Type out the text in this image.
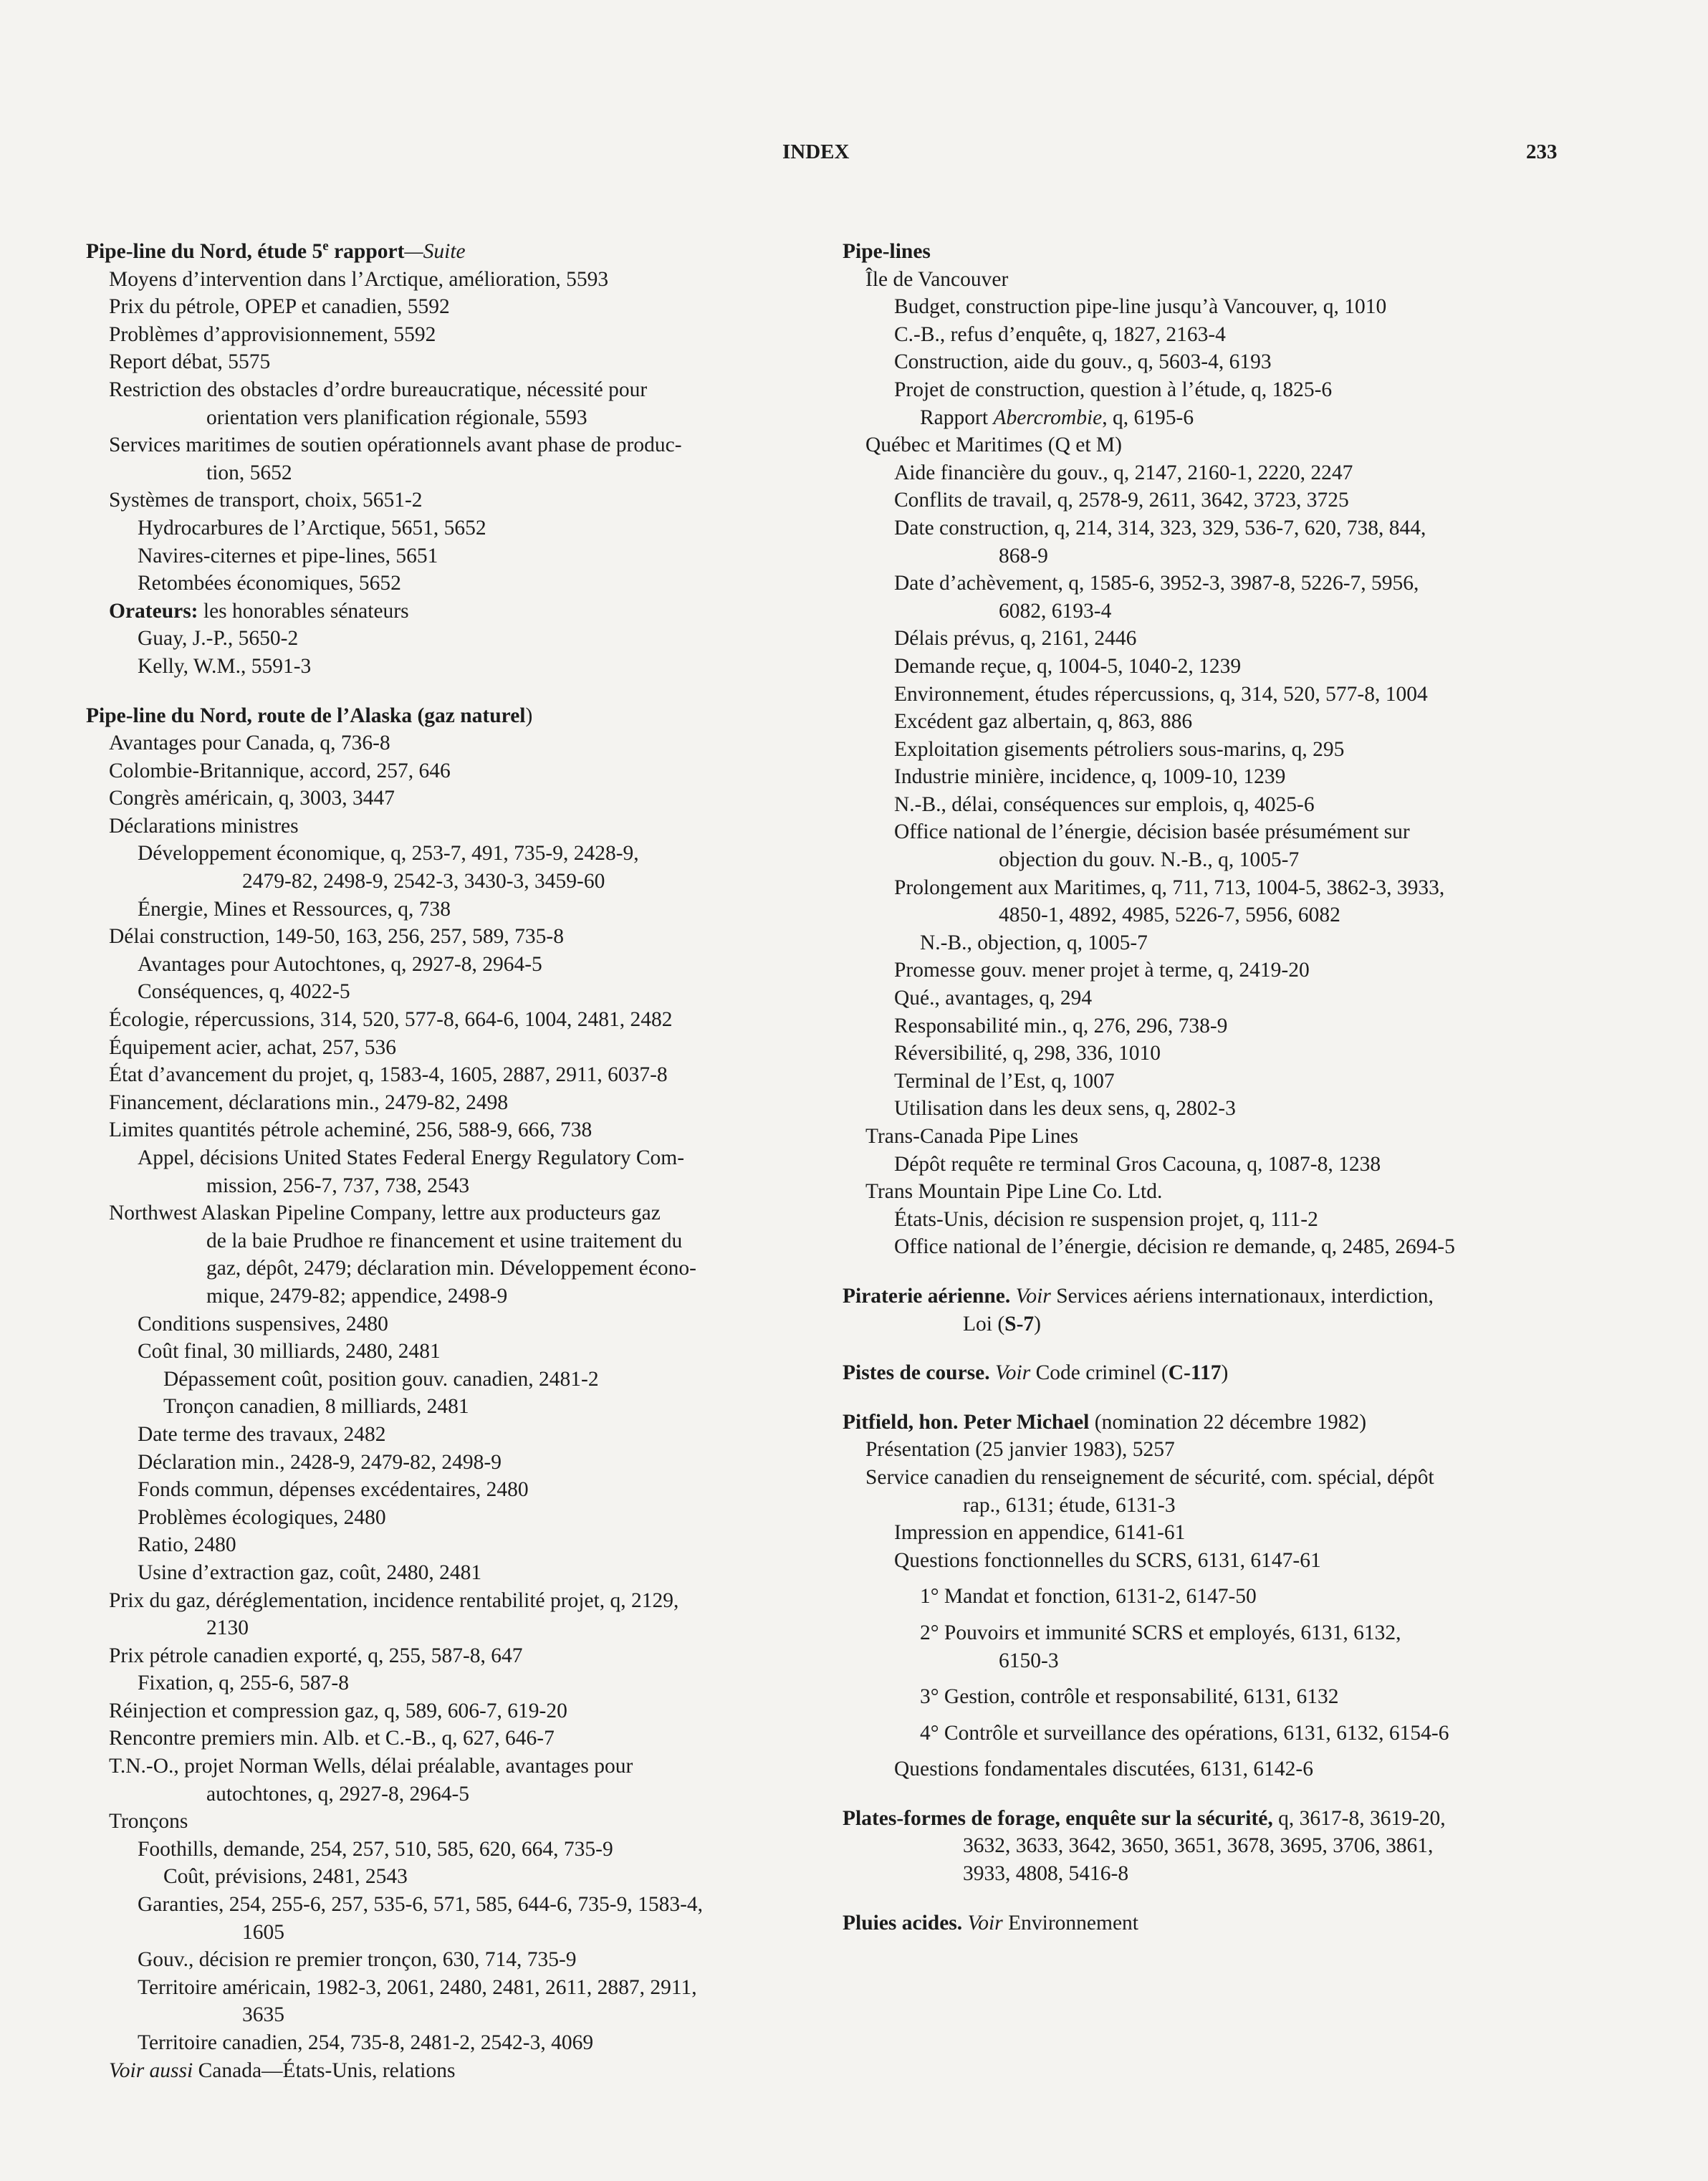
INDEX	233
Pipe-line du Nord, étude 5e rapport—Suite
Moyens d’intervention dans l’Arctique, amélioration, 5593
Prix du pétrole, OPEP et canadien, 5592
Problèmes d’approvisionnement, 5592
Report débat, 5575
Restriction des obstacles d’ordre bureaucratique, nécessité pour
orientation vers planification régionale, 5593
Services maritimes de soutien opérationnels avant phase de produc-
tion, 5652
Systèmes de transport, choix, 5651-2
Hydrocarbures de l’Arctique, 5651, 5652
Navires-citernes et pipe-lines, 5651
Retombées économiques, 5652
Orateurs: les honorables sénateurs
Guay, J.-P., 5650-2
Kelly, W.M., 5591-3
Pipe-line du Nord, route de l’Alaska (gaz naturel)
Avantages pour Canada, q, 736-8
Colombie-Britannique, accord, 257, 646
Congrès américain, q, 3003, 3447
Déclarations ministres
Développement économique, q, 253-7, 491, 735-9, 2428-9,
2479-82, 2498-9, 2542-3, 3430-3, 3459-60
Énergie, Mines et Ressources, q, 738
Délai construction, 149-50, 163, 256, 257, 589, 735-8
Avantages pour Autochtones, q, 2927-8, 2964-5
Conséquences, q, 4022-5
Écologie, répercussions, 314, 520, 577-8, 664-6, 1004, 2481, 2482
Équipement acier, achat, 257, 536
État d’avancement du projet, q, 1583-4, 1605, 2887, 2911, 6037-8
Financement, déclarations min., 2479-82, 2498
Limites quantités pétrole acheminé, 256, 588-9, 666, 738
Appel, décisions United States Federal Energy Regulatory Com-
mission, 256-7, 737, 738, 2543
Northwest Alaskan Pipeline Company, lettre aux producteurs gaz
de la baie Prudhoe re financement et usine traitement du
gaz, dépôt, 2479; déclaration min. Développement écono-
mique, 2479-82; appendice, 2498-9
Conditions suspensives, 2480
Coût final, 30 milliards, 2480, 2481
Dépassement coût, position gouv. canadien, 2481-2
Tronçon canadien, 8 milliards, 2481
Date terme des travaux, 2482
Déclaration min., 2428-9, 2479-82, 2498-9
Fonds commun, dépenses excédentaires, 2480
Problèmes écologiques, 2480
Ratio, 2480
Usine d’extraction gaz, coût, 2480, 2481
Prix du gaz, déréglementation, incidence rentabilité projet, q, 2129,
2130
Prix pétrole canadien exporté, q, 255, 587-8, 647
Fixation, q, 255-6, 587-8
Réinjection et compression gaz, q, 589, 606-7, 619-20
Rencontre premiers min. Alb. et C.-B., q, 627, 646-7
T.N.-O., projet Norman Wells, délai préalable, avantages pour
autochtones, q, 2927-8, 2964-5
Tronçons
Foothills, demande, 254, 257, 510, 585, 620, 664, 735-9
Coût, prévisions, 2481, 2543
Garanties, 254, 255-6, 257, 535-6, 571, 585, 644-6, 735-9, 1583-4,
1605
Gouv., décision re premier tronçon, 630, 714, 735-9
Territoire américain, 1982-3, 2061, 2480, 2481, 2611, 2887, 2911,
3635
Territoire canadien, 254, 735-8, 2481-2, 2542-3, 4069
Voir aussi Canada—États-Unis, relations
Pipe-lines
Île de Vancouver
Budget, construction pipe-line jusqu’à Vancouver, q, 1010
C.-B., refus d’enquête, q, 1827, 2163-4
Construction, aide du gouv., q, 5603-4, 6193
Projet de construction, question à l’étude, q, 1825-6
Rapport Abercrombie, q, 6195-6
Québec et Maritimes (Q et M)
Aide financière du gouv., q, 2147, 2160-1, 2220, 2247
Conflits de travail, q, 2578-9, 2611, 3642, 3723, 3725
Date construction, q, 214, 314, 323, 329, 536-7, 620, 738, 844,
868-9
Date d’achèvement, q, 1585-6, 3952-3, 3987-8, 5226-7, 5956,
6082, 6193-4
Délais prévus, q, 2161, 2446
Demande reçue, q, 1004-5, 1040-2, 1239
Environnement, études répercussions, q, 314, 520, 577-8, 1004
Excédent gaz albertain, q, 863, 886
Exploitation gisements pétroliers sous-marins, q, 295
Industrie minière, incidence, q, 1009-10, 1239
N.-B., délai, conséquences sur emplois, q, 4025-6
Office national de l’énergie, décision basée présumément sur
objection du gouv. N.-B., q, 1005-7
Prolongement aux Maritimes, q, 711, 713, 1004-5, 3862-3, 3933,
4850-1, 4892, 4985, 5226-7, 5956, 6082
N.-B., objection, q, 1005-7
Promesse gouv. mener projet à terme, q, 2419-20
Qué., avantages, q, 294
Responsabilité min., q, 276, 296, 738-9
Réversibilité, q, 298, 336, 1010
Terminal de l’Est, q, 1007
Utilisation dans les deux sens, q, 2802-3
Trans-Canada Pipe Lines
Dépôt requête re terminal Gros Cacouna, q, 1087-8, 1238
Trans Mountain Pipe Line Co. Ltd.
États-Unis, décision re suspension projet, q, 111-2
Office national de l’énergie, décision re demande, q, 2485, 2694-5
Piraterie aérienne. Voir Services aériens internationaux, interdiction,
Loi (S-7)
Pistes de course. Voir Code criminel (C-117)
Pitfield, hon. Peter Michael (nomination 22 décembre 1982)
Présentation (25 janvier 1983), 5257
Service canadien du renseignement de sécurité, com. spécial, dépôt
rap., 6131; étude, 6131-3
Impression en appendice, 6141-61
Questions fonctionnelles du SCRS, 6131, 6147-61
1° Mandat et fonction, 6131-2, 6147-50
2° Pouvoirs et immunité SCRS et employés, 6131, 6132,
6150-3
3° Gestion, contrôle et responsabilité, 6131, 6132
4° Contrôle et surveillance des opérations, 6131, 6132, 6154-6
Questions fondamentales discutées, 6131, 6142-6
Plates-formes de forage, enquête sur la sécurité, q, 3617-8, 3619-20,
3632, 3633, 3642, 3650, 3651, 3678, 3695, 3706, 3861,
3933, 4808, 5416-8
Pluies acides. Voir Environnement
